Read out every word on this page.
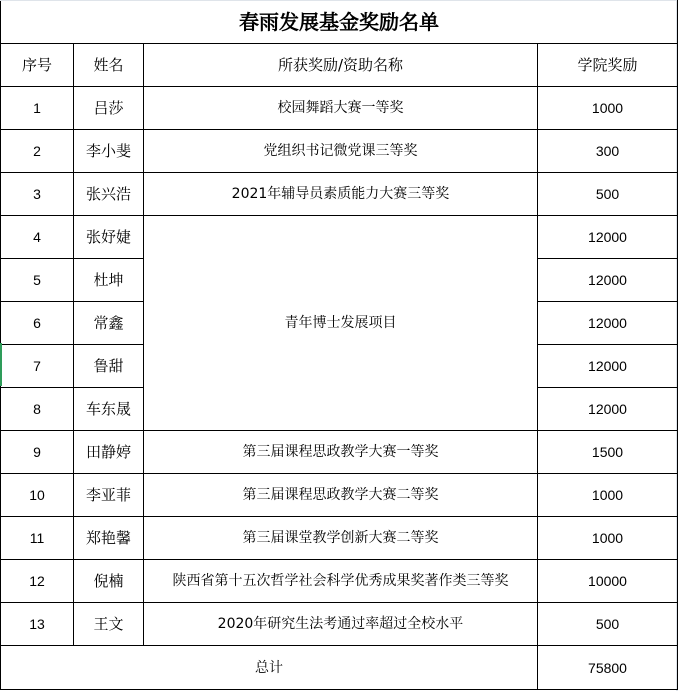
春雨发展基金奖励名单			
序号	姓名	所获奖励/资助名称	学院奖励
1	吕莎	校园舞蹈大赛一等奖	1000
2	李小斐	党组织书记微党课三等奖	300
3	张兴浩	2021年辅导员素质能力大赛三等奖	500
4	张妤婕	青年博士发展项目	12000
5	杜坤		12000
6	常鑫		12000
7	鲁甜		12000
8	车东晟		12000
9	田静婷	第三届课程思政教学大赛一等奖	1500
10	李亚菲	第三届课程思政教学大赛二等奖	1000
11	郑艳馨	第三届课堂教学创新大赛二等奖	1000
12	倪楠	陕西省第十五次哲学社会科学优秀成果奖著作类三等奖	10000
13	王文	2020年研究生法考通过率超过全校水平	500
总计			75800
